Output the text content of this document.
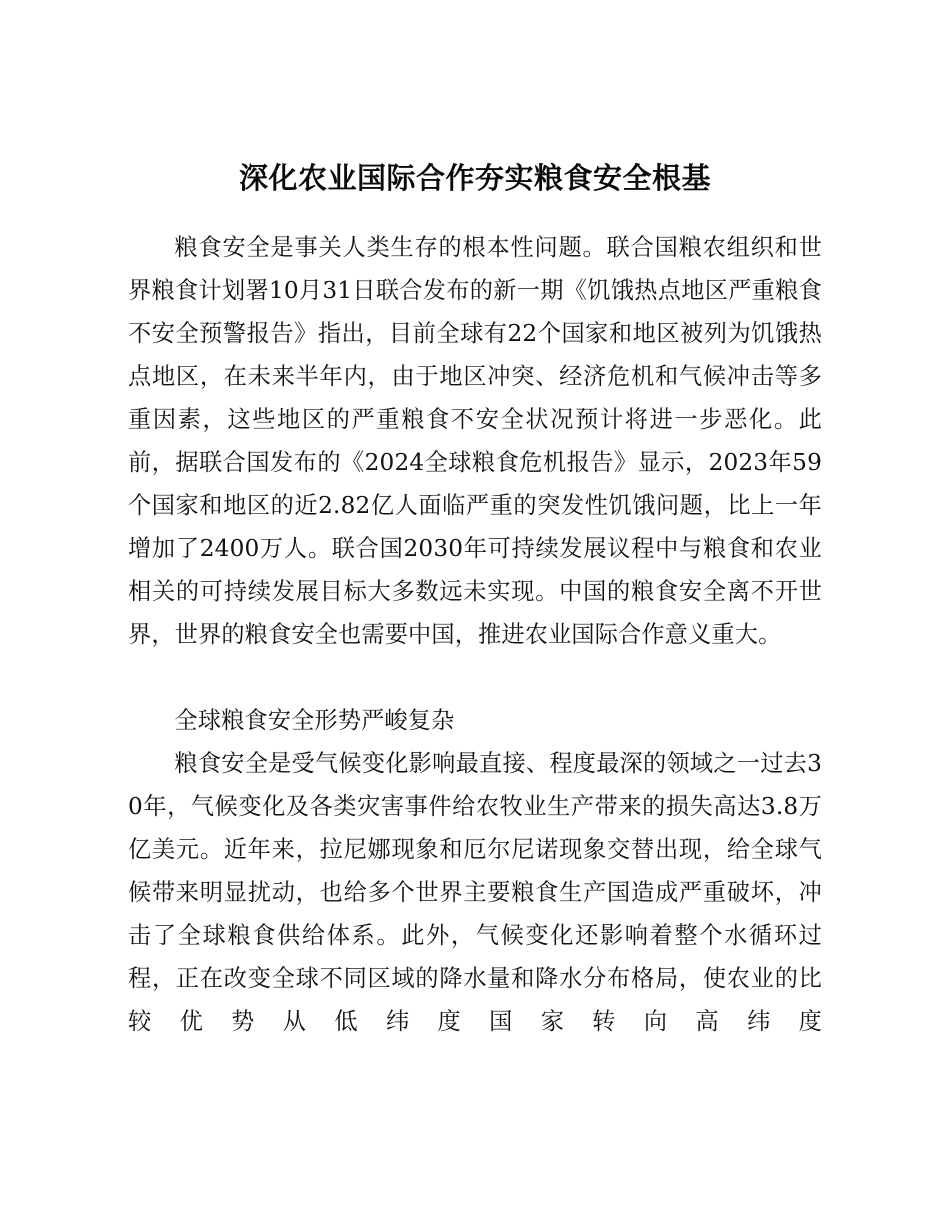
深化农业国际合作夯实粮食安全根基

粮食安全是事关人类生存的根本性问题。联合国粮农组织和世界粮食计划署10月31日联合发布的新一期《饥饿热点地区严重粮食不安全预警报告》指出，目前全球有22个国家和地区被列为饥饿热点地区，在未来半年内，由于地区冲突、经济危机和气候冲击等多重因素，这些地区的严重粮食不安全状况预计将进一步恶化。此前，据联合国发布的《2024全球粮食危机报告》显示，2023年59个国家和地区的近2.82亿人面临严重的突发性饥饿问题，比上一年增加了2400万人。联合国2030年可持续发展议程中与粮食和农业相关的可持续发展目标大多数远未实现。中国的粮食安全离不开世界，世界的粮食安全也需要中国，推进农业国际合作意义重大。

全球粮食安全形势严峻复杂

粮食安全是受气候变化影响最直接、程度最深的领域之一过去30年，气候变化及各类灾害事件给农牧业生产带来的损失高达3.8万亿美元。近年来，拉尼娜现象和厄尔尼诺现象交替出现，给全球气候带来明显扰动，也给多个世界主要粮食生产国造成严重破坏，冲击了全球粮食供给体系。此外，气候变化还影响着整个水循环过程，正在改变全球不同区域的降水量和降水分布格局，使农业的比较优势从低纬度国家转向高纬度
